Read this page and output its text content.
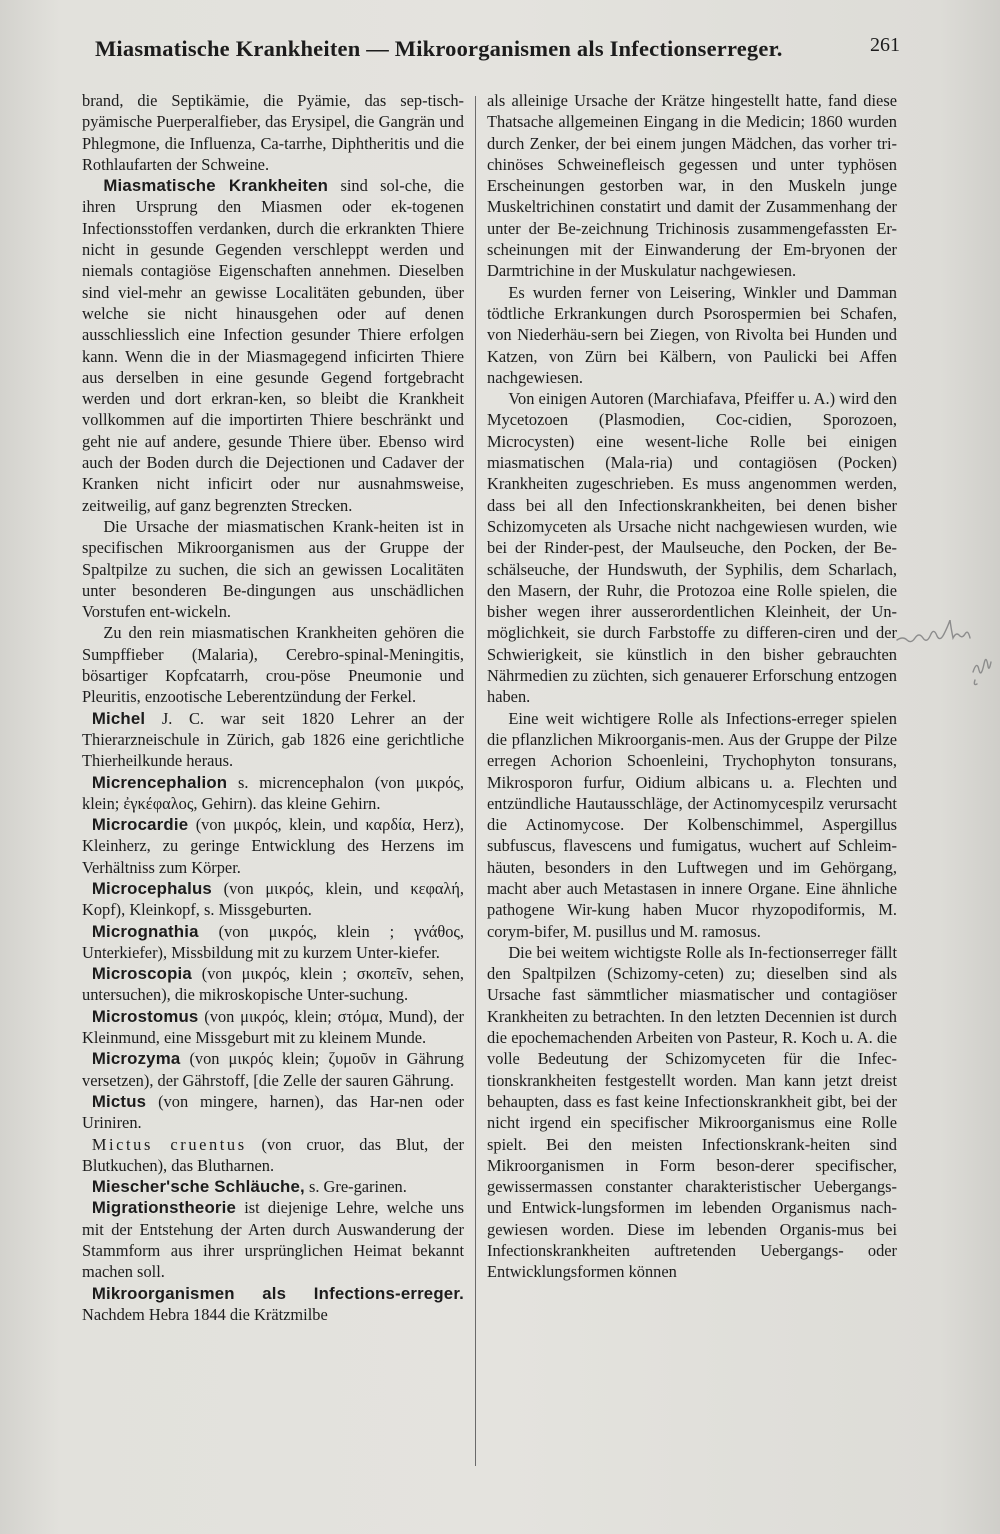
Miasmatische Krankheiten — Mikroorganismen als Infectionserreger.	261

brand, die Septikämie, die Pyämie, das sep-tisch-pyämische Puerperalfieber, das Erysipel, die Gangrän und Phlegmone, die Influenza, Ca-tarrhe, Diphtheritis und die Rothlaufarten der Schweine.

Miasmatische Krankheiten sind sol-che, die ihren Ursprung den Miasmen oder ek-togenen Infectionsstoffen verdanken, durch die erkrankten Thiere nicht in gesunde Gegenden verschleppt werden und niemals contagiöse Eigenschaften annehmen. Dieselben sind viel-mehr an gewisse Localitäten gebunden, über welche sie nicht hinausgehen oder auf denen ausschliesslich eine Infection gesunder Thiere erfolgen kann. Wenn die in der Miasmagegend inficirten Thiere aus derselben in eine gesunde Gegend fortgebracht werden und dort erkran-ken, so bleibt die Krankheit vollkommen auf die importirten Thiere beschränkt und geht nie auf andere, gesunde Thiere über. Ebenso wird auch der Boden durch die Dejectionen und Cadaver der Kranken nicht inficirt oder nur ausnahmsweise, zeitweilig, auf ganz begrenzten Strecken.

Die Ursache der miasmatischen Krank-heiten ist in specifischen Mikroorganismen aus der Gruppe der Spaltpilze zu suchen, die sich an gewissen Localitäten unter besonderen Be-dingungen aus unschädlichen Vorstufen ent-wickeln.

Zu den rein miasmatischen Krankheiten gehören die Sumpffieber (Malaria), Cerebro-spinal-Meningitis, bösartiger Kopfcatarrh, crou-pöse Pneumonie und Pleuritis, enzootische Leberentzündung der Ferkel.

Michel J. C. war seit 1820 Lehrer an der Thierarzneischule in Zürich, gab 1826 eine gerichtliche Thierheilkunde heraus.

Micrencephalion s. micrencephalon (von μικρός, klein; ἐγκέφαλος, Gehirn). das kleine Gehirn.

Microcardie (von μικρός, klein, und καρδία, Herz), Kleinherz, zu geringe Entwicklung des Herzens im Verhältniss zum Körper.

Microcephalus (von μικρός, klein, und κεφαλή, Kopf), Kleinkopf, s. Missgeburten.

Micrognathia (von μικρός, klein ; γνάθος, Unterkiefer), Missbildung mit zu kurzem Unter-kiefer.

Microscopia (von μικρός, klein ; σκοπεῖν, sehen, untersuchen), die mikroskopische Unter-suchung.

Microstomus (von μικρός, klein; στόμα, Mund), der Kleinmund, eine Missgeburt mit zu kleinem Munde.

Microzyma (von μικρός klein; ζυμοῦν in Gährung versetzen), der Gährstoff, [die Zelle der sauren Gährung.

Mictus (von mingere, harnen), das Har-nen oder Uriniren.

Mictus cruentus (von cruor, das Blut, der Blutkuchen), das Blutharnen.

Miescher'sche Schläuche, s. Gre-garinen.

Migrationstheorie ist diejenige Lehre, welche uns mit der Entstehung der Arten durch Auswanderung der Stammform aus ihrer ursprünglichen Heimat bekannt machen soll.

Mikroorganismen als Infections-erreger. Nachdem Hebra 1844 die Krätzmilbe

als alleinige Ursache der Krätze hingestellt hatte, fand diese Thatsache allgemeinen Eingang in die Medicin; 1860 wurden durch Zenker, der bei einem jungen Mädchen, das vorher tri-chinöses Schweinefleisch gegessen und unter typhösen Erscheinungen gestorben war, in den Muskeln junge Muskeltrichinen constatirt und damit der Zusammenhang der unter der Be-zeichnung Trichinosis zusammengefassten Er-scheinungen mit der Einwanderung der Em-bryonen der Darmtrichine in der Muskulatur nachgewiesen.

Es wurden ferner von Leisering, Winkler und Damman tödtliche Erkrankungen durch Psorospermien bei Schafen, von Niederhäu-sern bei Ziegen, von Rivolta bei Hunden und Katzen, von Zürn bei Kälbern, von Paulicki bei Affen nachgewiesen.

Von einigen Autoren (Marchiafava, Pfeiffer u. A.) wird den Mycetozoen (Plasmodien, Coc-cidien, Sporozoen, Microcysten) eine wesent-liche Rolle bei einigen miasmatischen (Mala-ria) und contagiösen (Pocken) Krankheiten zugeschrieben. Es muss angenommen werden, dass bei all den Infectionskrankheiten, bei denen bisher Schizomyceten als Ursache nicht nachgewiesen wurden, wie bei der Rinder-pest, der Maulseuche, den Pocken, der Be-schälseuche, der Hundswuth, der Syphilis, dem Scharlach, den Masern, der Ruhr, die Protozoa eine Rolle spielen, die bisher wegen ihrer ausserordentlichen Kleinheit, der Un-möglichkeit, sie durch Farbstoffe zu differen-ciren und der Schwierigkeit, sie künstlich in den bisher gebrauchten Nährmedien zu züchten, sich genauerer Erforschung entzogen haben.

Eine weit wichtigere Rolle als Infections-erreger spielen die pflanzlichen Mikroorganis-men. Aus der Gruppe der Pilze erregen Achorion Schoenleini, Trychophyton tonsurans, Mikrosporon furfur, Oidium albicans u. a. Flechten und entzündliche Hautausschläge, der Actinomycespilz verursacht die Actinomycose. Der Kolbenschimmel, Aspergillus subfuscus, flavescens und fumigatus, wuchert auf Schleim-häuten, besonders in den Luftwegen und im Gehörgang, macht aber auch Metastasen in innere Organe. Eine ähnliche pathogene Wir-kung haben Mucor rhyzopodiformis, M. corym-bifer, M. pusillus und M. ramosus.

Die bei weitem wichtigste Rolle als In-fectionserreger fällt den Spaltpilzen (Schizomy-ceten) zu; dieselben sind als Ursache fast sämmtlicher miasmatischer und contagiöser Krankheiten zu betrachten. In den letzten Decennien ist durch die epochemachenden Arbeiten von Pasteur, R. Koch u. A. die volle Bedeutung der Schizomyceten für die Infec-tionskrankheiten festgestellt worden. Man kann jetzt dreist behaupten, dass es fast keine Infectionskrankheit gibt, bei der nicht irgend ein specifischer Mikroorganismus eine Rolle spielt. Bei den meisten Infectionskrank-heiten sind Mikroorganismen in Form beson-derer specifischer, gewissermassen constanter charakteristischer Uebergangs- und Entwick-lungsformen im lebenden Organismus nach-gewiesen worden. Diese im lebenden Organis-mus bei Infectionskrankheiten auftretenden Uebergangs- oder Entwicklungsformen können
